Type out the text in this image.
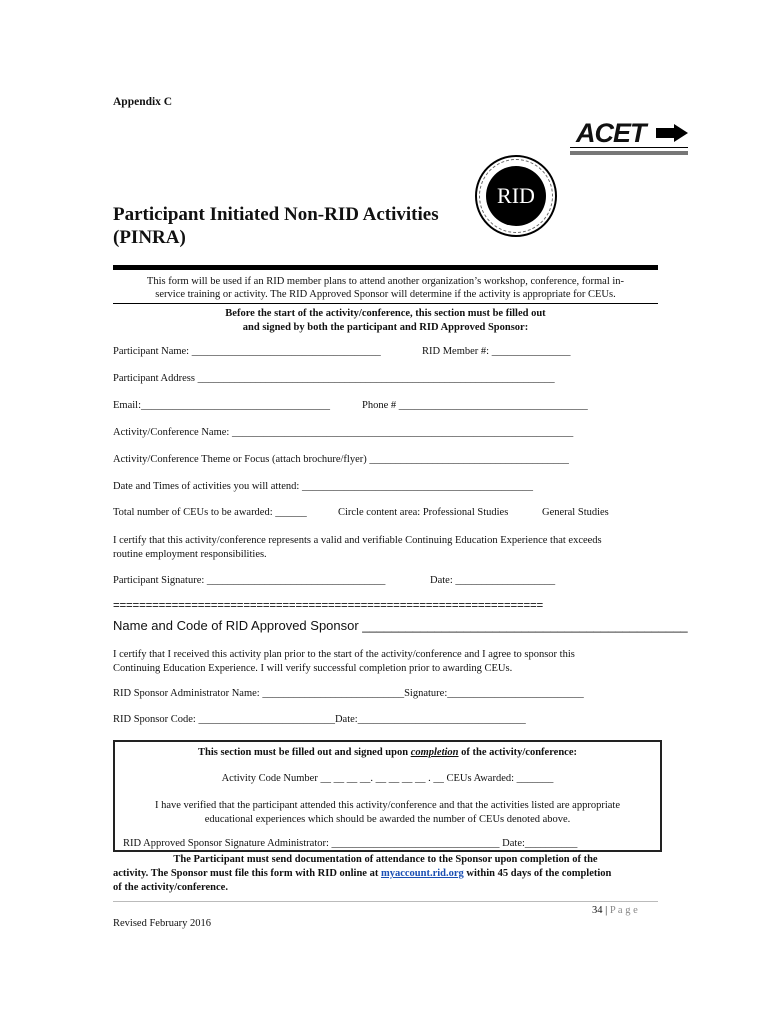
Appendix C
ACET
RID
Participant Initiated Non-RID Activities
(PINRA)
This form will be used if an RID member plans to attend another organization’s workshop, conference, formal in-
service training or activity. The RID Approved Sponsor will determine if the activity is appropriate for CEUs.
Before the start of the activity/conference, this section must be filled out
and signed by both the participant and RID Approved Sponsor:
Participant Name: ____________________________________	RID Member #: _______________
Participant Address ____________________________________________________________________
Email:____________________________________	Phone # ____________________________________
Activity/Conference Name: _________________________________________________________________
Activity/Conference Theme or Focus (attach brochure/flyer) ______________________________________
Date and Times of activities you will attend: ____________________________________________
Total number of CEUs to be awarded: ______	Circle content area: Professional Studies	General Studies
I certify that this activity/conference represents a valid and verifiable Continuing Education Experience that exceeds
routine employment responsibilities.
Participant Signature: __________________________________	Date: ___________________
==================================================================
Name and Code of RID Approved Sponsor _____________________________________________
I certify that I received this activity plan prior to the start of the activity/conference and I agree to sponsor this
Continuing Education Experience. I will verify successful completion prior to awarding CEUs.
RID Sponsor Administrator Name: ___________________________Signature:__________________________
RID Sponsor Code: __________________________Date:________________________________
This section must be filled out and signed upon completion of the activity/conference:
Activity Code Number __ __ __ __. __ __ __ __ . __ CEUs Awarded: _______
I have verified that the participant attended this activity/conference and that the activities listed are appropriate
educational experiences which should be awarded the number of CEUs denoted above.
RID Approved Sponsor Signature Administrator: ________________________________ Date:__________
The Participant must send documentation of attendance to the Sponsor upon completion of the
activity. The Sponsor must file this form with RID online at myaccount.rid.org within 45 days of the completion
of the activity/conference.
34 | P a g e
Revised February 2016
